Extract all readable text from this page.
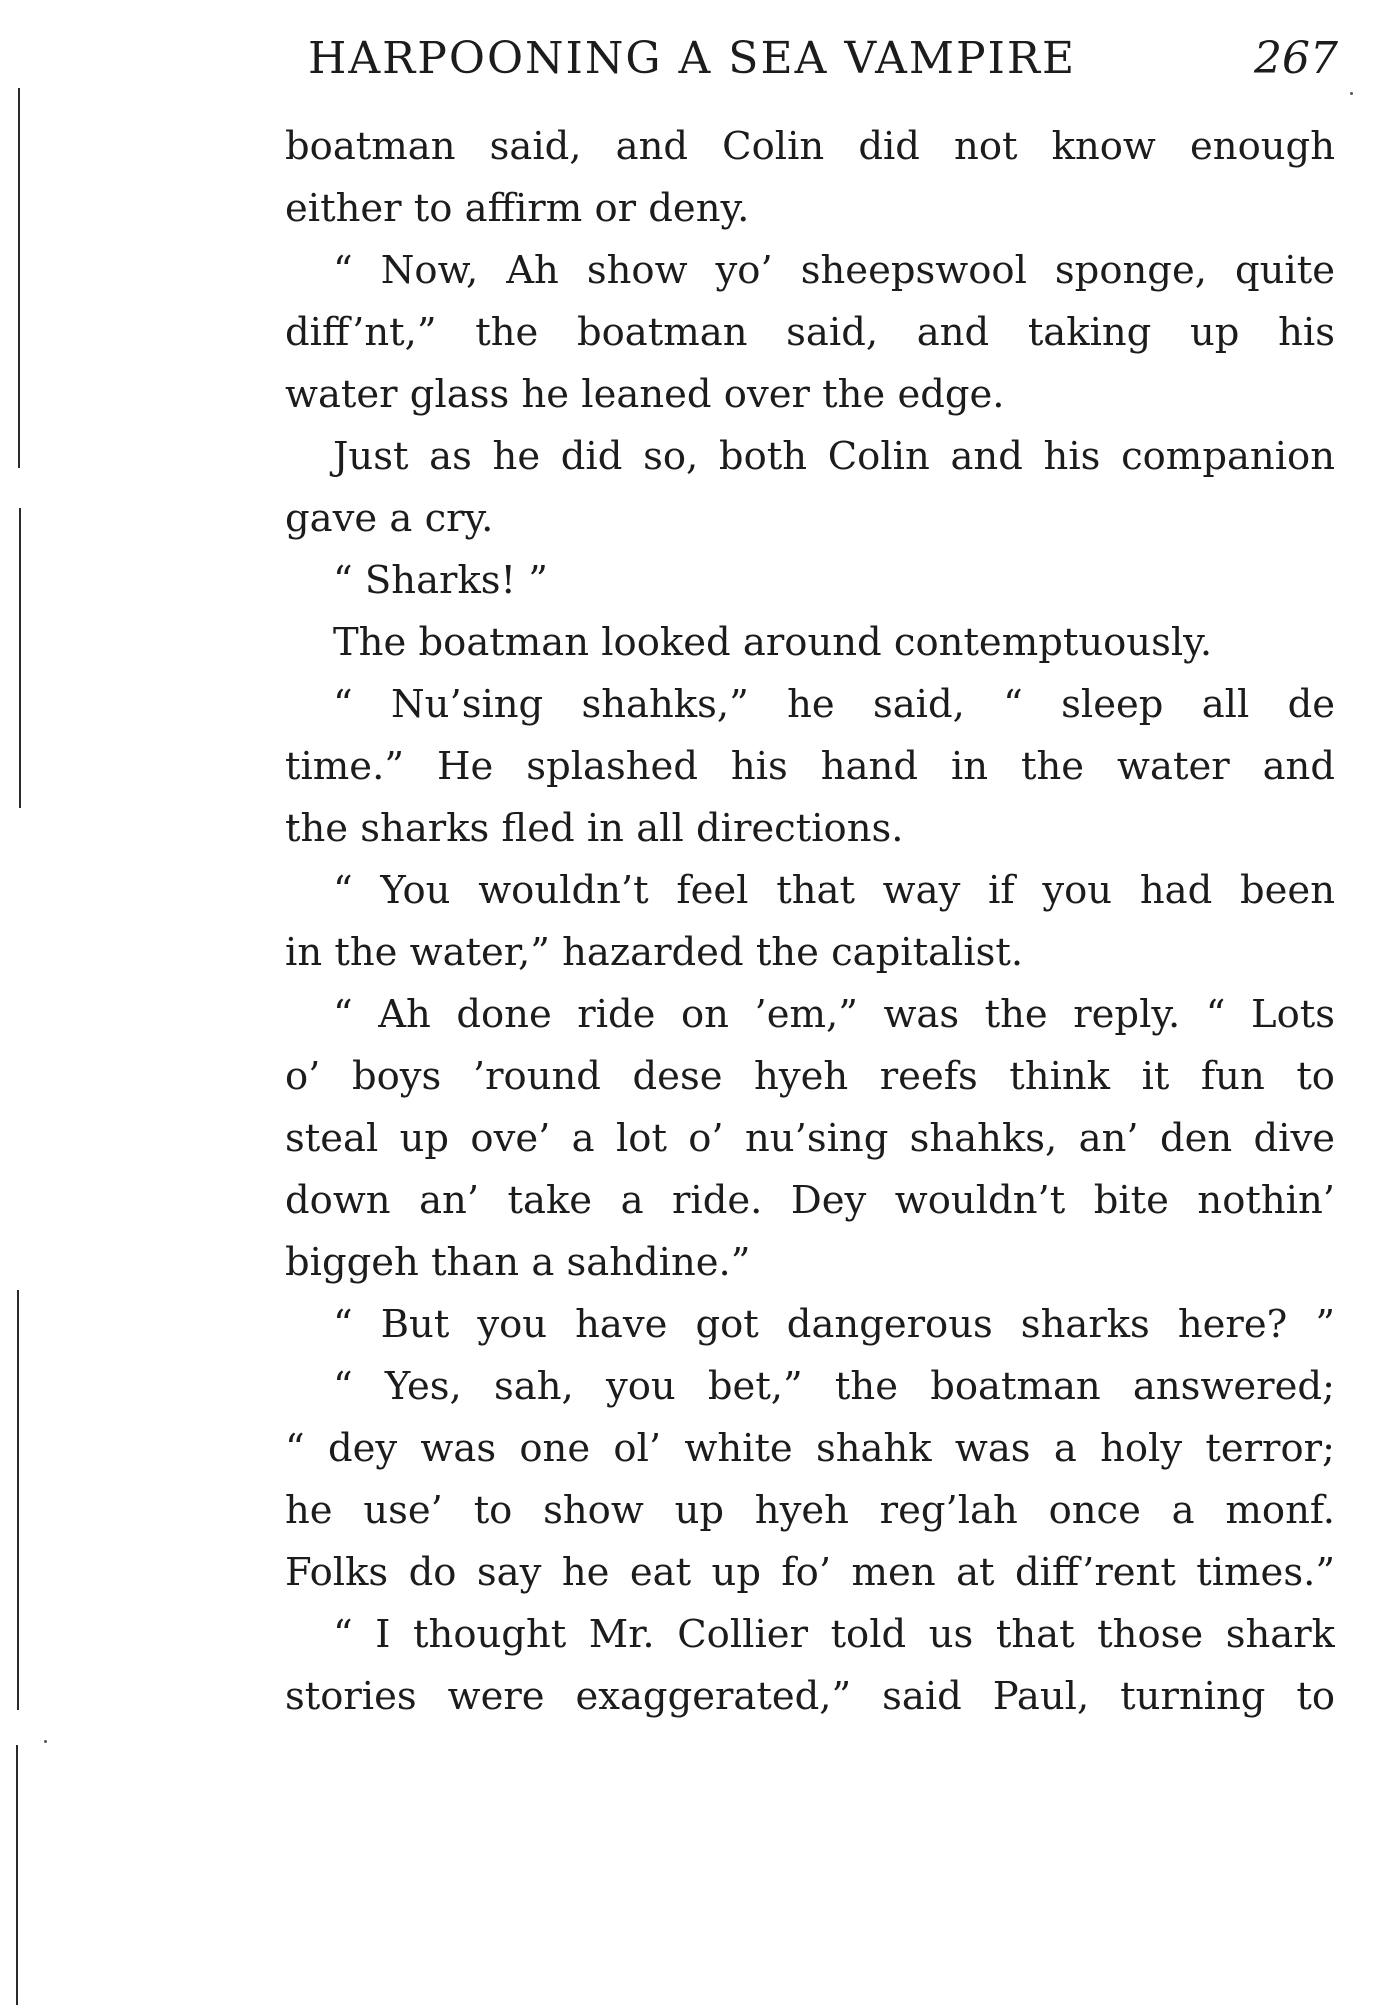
HARPOONING A SEA VAMPIRE	267
boatman said, and Colin did not know enough
either to affirm or deny.
“ Now, Ah show yo’ sheepswool sponge, quite
diff’nt,” the boatman said, and taking up his
water glass he leaned over the edge.
Just as he did so, both Colin and his companion
gave a cry.
“ Sharks! ”
The boatman looked around contemptuously.
“ Nu’sing shahks,” he said, “ sleep all de
time.” He splashed his hand in the water and
the sharks fled in all directions.
“ You wouldn’t feel that way if you had been
in the water,” hazarded the capitalist.
“ Ah done ride on ’em,” was the reply. “ Lots
o’ boys ’round dese hyeh reefs think it fun to
steal up ove’ a lot o’ nu’sing shahks, an’ den dive
down an’ take a ride. Dey wouldn’t bite nothin’
biggeh than a sahdine.”
“ But you have got dangerous sharks here? ”
“ Yes, sah, you bet,” the boatman answered;
“ dey was one ol’ white shahk was a holy terror;
he use’ to show up hyeh reg’lah once a monf.
Folks do say he eat up fo’ men at diff’rent times.”
“ I thought Mr. Collier told us that those shark
stories were exaggerated,” said Paul, turning to
